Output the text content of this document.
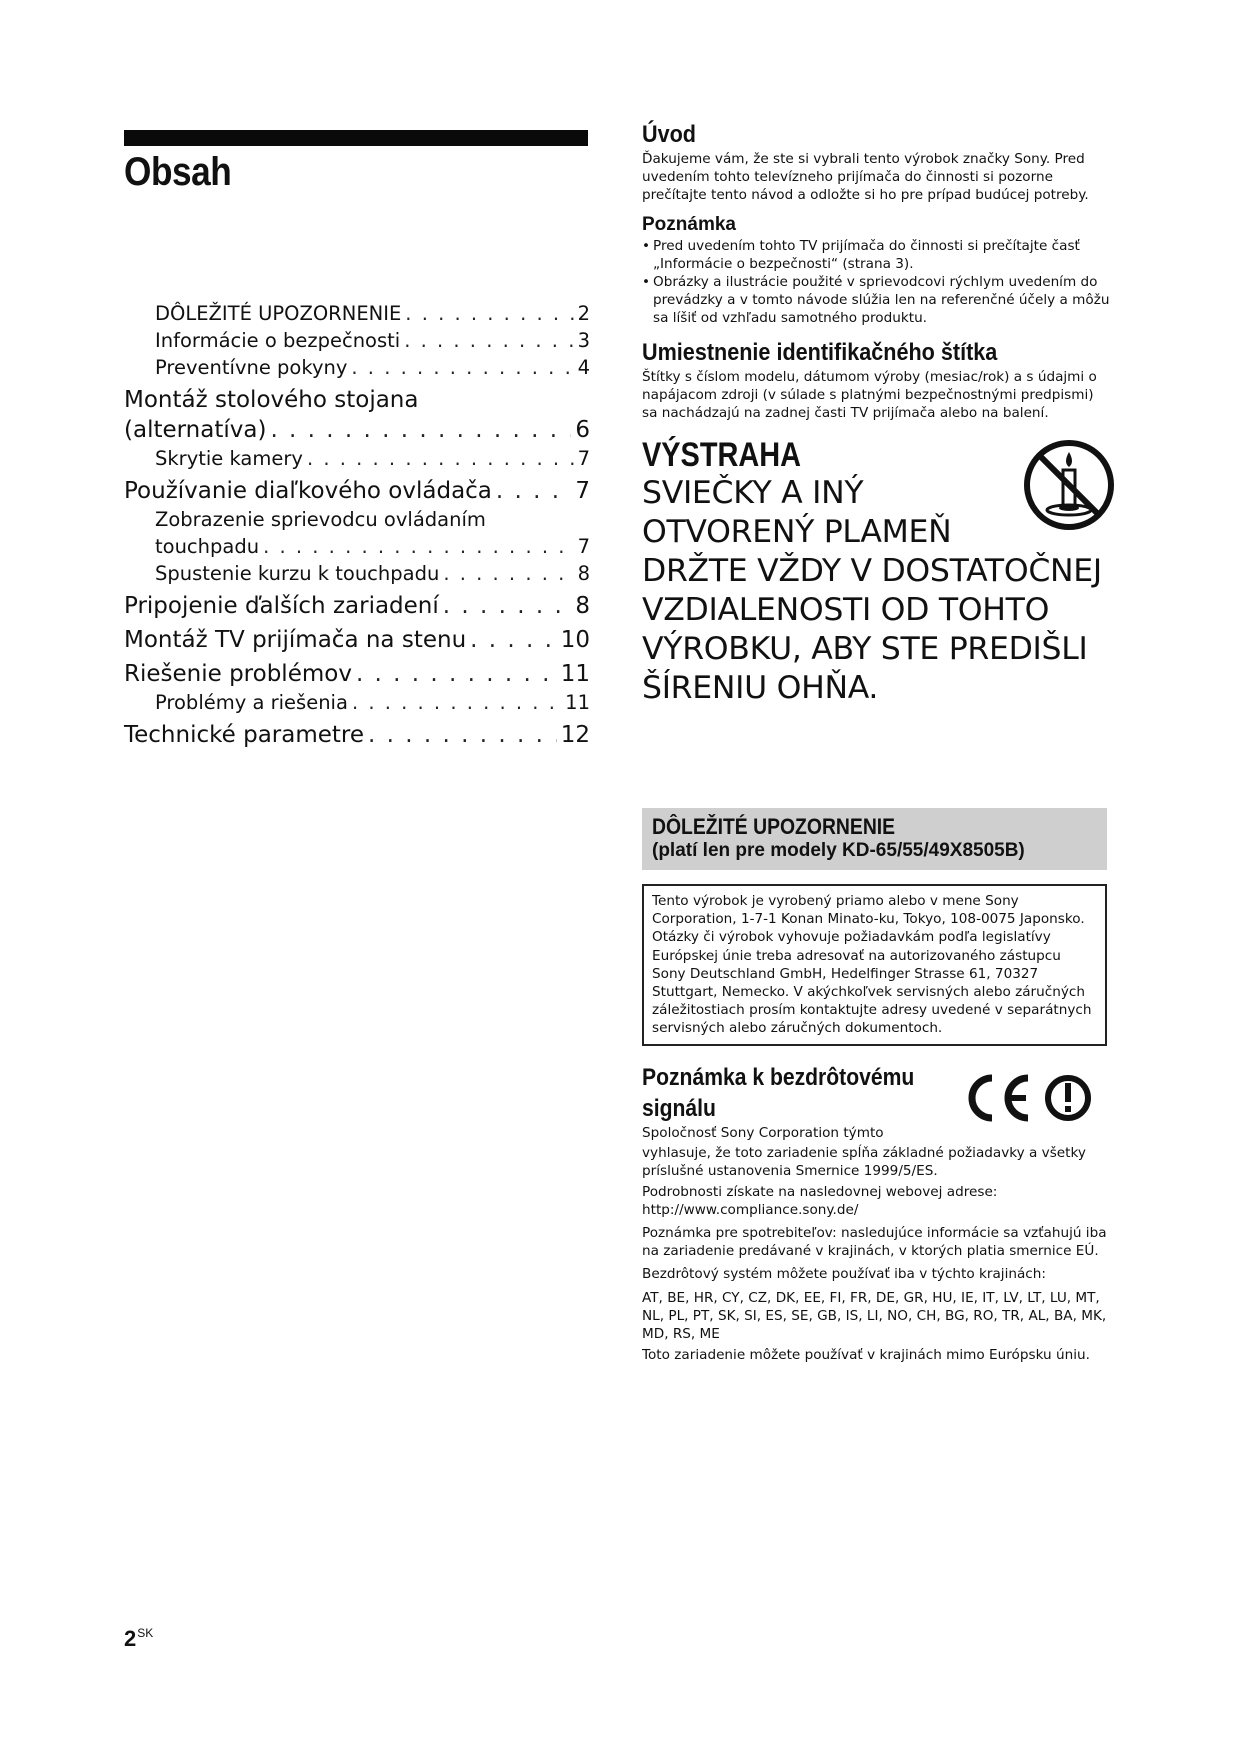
Obsah
DÔLEŽITÉ UPOZORNENIE . . .	2
Informácie o bezpečnosti . . .	3
Preventívne pokyny . . .	4
Montáž stolového stojana
(alternatíva) . . .	6
Skrytie kamery . . .	7
Používanie diaľkového ovládača . . .	7
Zobrazenie sprievodcu ovládaním
touchpadu . . .	7
Spustenie kurzu k touchpadu . . .	8
Pripojenie ďalších zariadení . . .	8
Montáž TV prijímača na stenu . . .	10
Riešenie problémov . . .	11
Problémy a riešenia . . .	11
Technické parametre . . .	12
Úvod
Ďakujeme vám, že ste si vybrali tento výrobok značky Sony. Pred uvedením tohto televízneho prijímača do činnosti si pozorne prečítajte tento návod a odložte si ho pre prípad budúcej potreby.
Poznámka
• Pred uvedením tohto TV prijímača do činnosti si prečítajte časť „Informácie o bezpečnosti“ (strana 3).
• Obrázky a ilustrácie použité v sprievodcovi rýchlym uvedením do prevádzky a v tomto návode slúžia len na referenčné účely a môžu sa líšiť od vzhľadu samotného produktu.
Umiestnenie identifikačného štítka
Štítky s číslom modelu, dátumom výroby (mesiac/rok) a s údajmi o napájacom zdroji (v súlade s platnými bezpečnostnými predpismi) sa nachádzajú na zadnej časti TV prijímača alebo na balení.
VÝSTRAHA
SVIEČKY A INÝ
OTVORENÝ PLAMEŇ
DRŽTE VŽDY V DOSTATOČNEJ
VZDIALENOSTI OD TOHTO
VÝROBKU, ABY STE PREDIŠLI
ŠÍRENIU OHŇA.
DÔLEŽITÉ UPOZORNENIE
(platí len pre modely KD-65/55/49X8505B)
Tento výrobok je vyrobený priamo alebo v mene Sony Corporation, 1-7-1 Konan Minato-ku, Tokyo, 108-0075 Japonsko. Otázky či výrobok vyhovuje požiadavkám podľa legislatívy Európskej únie treba adresovať na autorizovaného zástupcu Sony Deutschland GmbH, Hedelfinger Strasse 61, 70327 Stuttgart, Nemecko. V akýchkoľvek servisných alebo záručných záležitostiach prosím kontaktujte adresy uvedené v separátnych servisných alebo záručných dokumentoch.
Poznámka k bezdrôtovému
signálu
Spoločnosť Sony Corporation týmto
vyhlasuje, že toto zariadenie spĺňa základné požiadavky a všetky príslušné ustanovenia Smernice 1999/5/ES.
Podrobnosti získate na nasledovnej webovej adrese:
http://www.compliance.sony.de/
Poznámka pre spotrebiteľov: nasledujúce informácie sa vzťahujú iba na zariadenie predávané v krajinách, v ktorých platia smernice EÚ.
Bezdrôtový systém môžete používať iba v týchto krajinách:
AT, BE, HR, CY, CZ, DK, EE, FI, FR, DE, GR, HU, IE, IT, LV, LT, LU, MT, NL, PL, PT, SK, SI, ES, SE, GB, IS, LI, NO, CH, BG, RO, TR, AL, BA, MK, MD, RS, ME
Toto zariadenie môžete používať v krajinách mimo Európsku úniu.
$2^{SK}$
